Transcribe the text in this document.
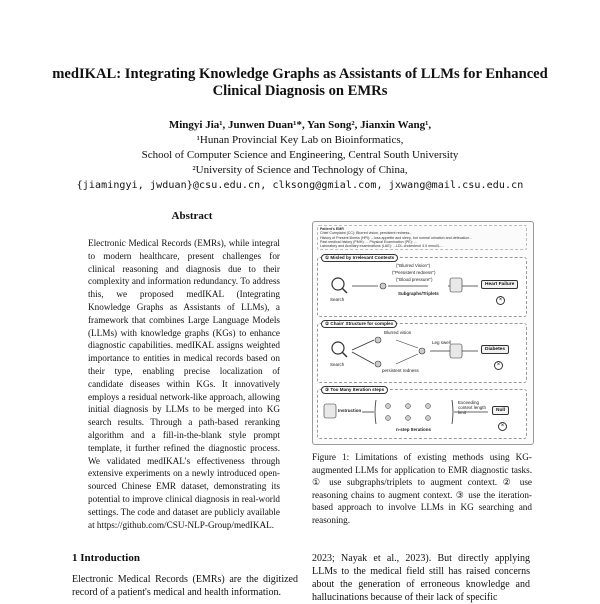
medIKAL: Integrating Knowledge Graphs as Assistants of LLMs for Enhanced Clinical Diagnosis on EMRs
Mingyi Jia¹, Junwen Duan¹*, Yan Song², Jianxin Wang¹,
¹Hunan Provincial Key Lab on Bioinformatics,
School of Computer Science and Engineering, Central South University
²University of Science and Technology of China,
{jiamingyi, jwduan}@csu.edu.cn, clksong@gmial.com, jxwang@mail.csu.edu.cn
Abstract

Electronic Medical Records (EMRs), while integral to modern healthcare, present challenges for clinical reasoning and diagnosis due to their complexity and information redundancy. To address this, we proposed medIKAL (Integrating Knowledge Graphs as Assistants of LLMs), a framework that combines Large Language Models (LLMs) with knowledge graphs (KGs) to enhance diagnostic capabilities. medIKAL assigns weighted importance to entities in medical records based on their type, enabling precise localization of candidate diseases within KGs. It innovatively employs a residual network-like approach, allowing initial diagnosis by LLMs to be merged into KG search results. Through a path-based reranking algorithm and a fill-in-the-blank style prompt template, it further refined the diagnostic process. We validated medIKAL's effectiveness through extensive experiments on a newly introduced open-sourced Chinese EMR dataset, demonstrating its potential to improve clinical diagnosis in real-world settings. The code and dataset are publicly available at https://github.com/CSU-NLP-Group/medIKAL.

Patient's EMR
Chief Complaint (CC): Blurred vision, persistent redness...
History of Present Illness (HPI): ...loss appetite and sleep, but normal urination and defecation...
Past medical history (PMH): ... Physical Examination (PE): ...
Laboratory and Auxiliary examinations (LAE): ...LDL-cholesterol 4.9 mmol/L...
① Misled by Irrelevant Contexts
Search
("Blurred Vision")
("Persistent redness")
("Blood pressure")
Subgraphs/Triplets
Heart Failure
×
② Chain' Structure for complex
Search
Blurred vision
persistent redness
Leg swell
Diabetes
×
③ Too Many Iteration steps
Instruction
n-step Iterations
Exceeding context length limit	Null
×

Figure 1: Limitations of existing methods using KG-augmented LLMs for application to EMR diagnostic tasks. ① use subgraphs/triplets to augment context. ② use reasoning chains to augment context. ③ use the iteration-based approach to involve LLMs in KG searching and reasoning.

1 Introduction

Electronic Medical Records (EMRs) are the digitized record of a patient's medical and health information.

2023; Nayak et al., 2023). But directly applying LLMs to the medical field still has raised concerns about the generation of erroneous knowledge and hallucinations because of their lack of specific
